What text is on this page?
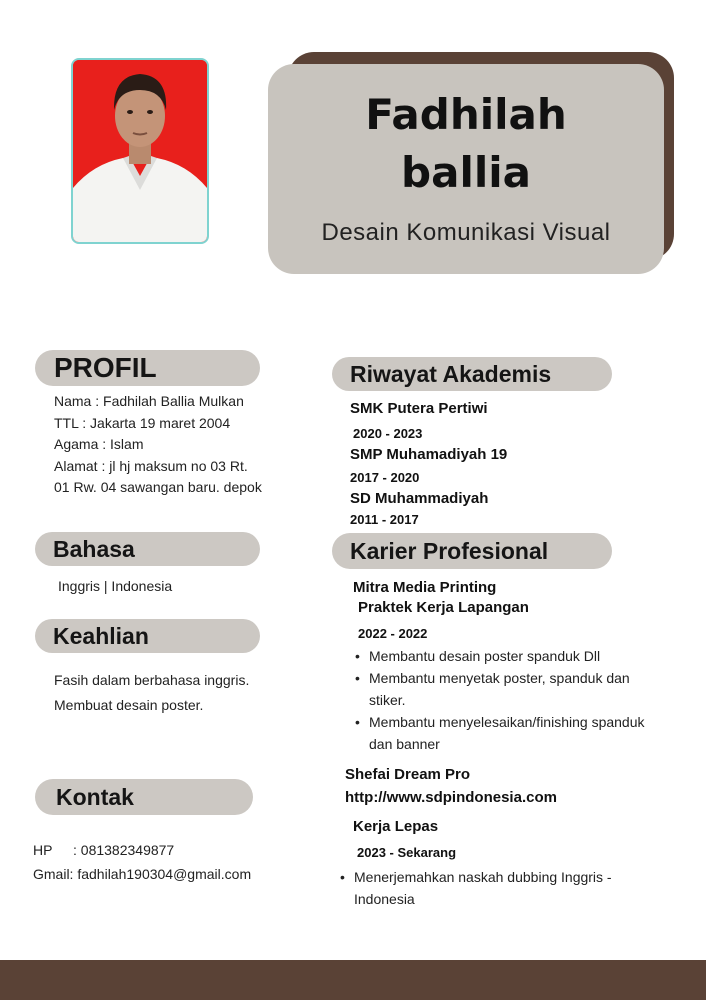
Fadhilah
ballia
Desain Komunikasi Visual
PROFIL

Nama : Fadhilah Ballia Mulkan

TTL : Jakarta 19 maret 2004

Agama : Islam

Alamat : jl hj maksum no 03 Rt.

01 Rw. 04 sawangan baru. depok

Bahasa
Inggris | Indonesia
Keahlian

Fasih dalam berbahasa inggris.

Membuat desain poster.

Kontak

HP : 081382349877

Gmail: fadhilah190304@gmail.com

Riwayat Akademis
SMK Putera Pertiwi
2020 - 2023
SMP Muhamadiyah 19
2017 - 2020
SD Muhammadiyah
2011 - 2017
Karier Profesional
Mitra Media Printing
Praktek Kerja Lapangan
2022 - 2022
• Membantu desain poster spanduk Dll
• Membantu menyetak poster, spanduk dan stiker.
• Membantu menyelesaikan/finishing spanduk dan banner
Shefai Dream Pro
http://www.sdpindonesia.com
Kerja Lepas
2023 - Sekarang
• Menerjemahkan naskah dubbing Inggris - Indonesia
